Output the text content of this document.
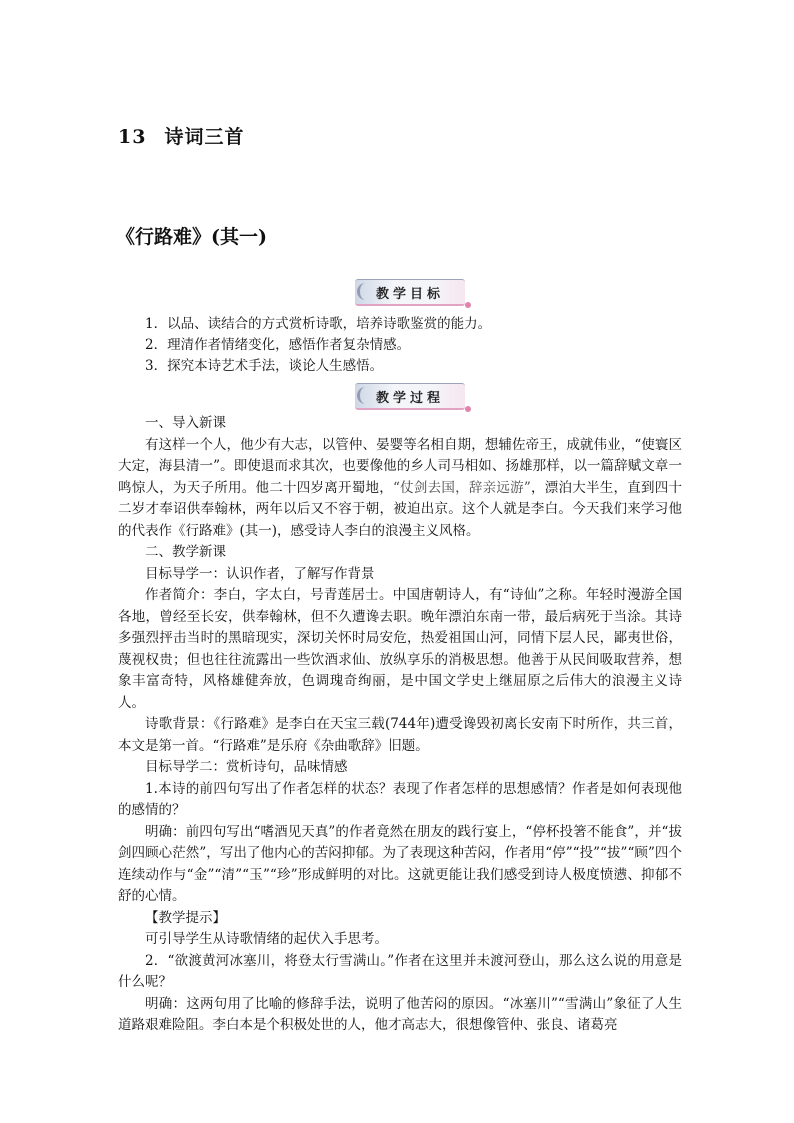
13 诗词三首
《行路难》(其一)
教学目标
1．以品、读结合的方式赏析诗歌，培养诗歌鉴赏的能力。
2．理清作者情绪变化，感悟作者复杂情感。
3．探究本诗艺术手法，谈论人生感悟。
教学过程

一、导入新课

有这样一个人，他少有大志，以管仲、晏婴等名相自期，想辅佐帝王，成就伟业，“使寰区大定，海县清一”。即使退而求其次，也要像他的乡人司马相如、扬雄那样，以一篇辞赋文章一鸣惊人，为天子所用。他二十四岁离开蜀地，“仗剑去国，辞亲远游”，漂泊大半生，直到四十二岁才奉诏供奉翰林，两年以后又不容于朝，被迫出京。这个人就是李白。今天我们来学习他的代表作《行路难》(其一)，感受诗人李白的浪漫主义风格。

二、教学新课

目标导学一：认识作者，了解写作背景

作者简介：李白，字太白，号青莲居士。中国唐朝诗人，有“诗仙”之称。年轻时漫游全国各地，曾经至长安，供奉翰林，但不久遭谗去职。晚年漂泊东南一带，最后病死于当涂。其诗多强烈抨击当时的黑暗现实，深切关怀时局安危，热爱祖国山河，同情下层人民，鄙夷世俗，蔑视权贵；但也往往流露出一些饮酒求仙、放纵享乐的消极思想。他善于从民间吸取营养，想象丰富奇特，风格雄健奔放，色调瑰奇绚丽，是中国文学史上继屈原之后伟大的浪漫主义诗人。

诗歌背景：《行路难》是李白在天宝三载(744年)遭受谗毁初离长安南下时所作，共三首，本文是第一首。“行路难”是乐府《杂曲歌辞》旧题。

目标导学二：赏析诗句，品味情感

1.本诗的前四句写出了作者怎样的状态？表现了作者怎样的思想感情？作者是如何表现他的感情的？

明确：前四句写出“嗜酒见天真”的作者竟然在朋友的践行宴上，“停杯投箸不能食”，并“拔剑四顾心茫然”，写出了他内心的苦闷抑郁。为了表现这种苦闷，作者用“停”“投”“拔”“顾”四个连续动作与“金”“清”“玉”“珍”形成鲜明的对比。这就更能让我们感受到诗人极度愤懑、抑郁不舒的心情。

【教学提示】

可引导学生从诗歌情绪的起伏入手思考。

2．“欲渡黄河冰塞川，将登太行雪满山。”作者在这里并未渡河登山，那么这么说的用意是什么呢？

明确：这两句用了比喻的修辞手法，说明了他苦闷的原因。“冰塞川”“雪满山”象征了人生道路艰难险阻。李白本是个积极处世的人，他才高志大，很想像管仲、张良、诸葛亮
